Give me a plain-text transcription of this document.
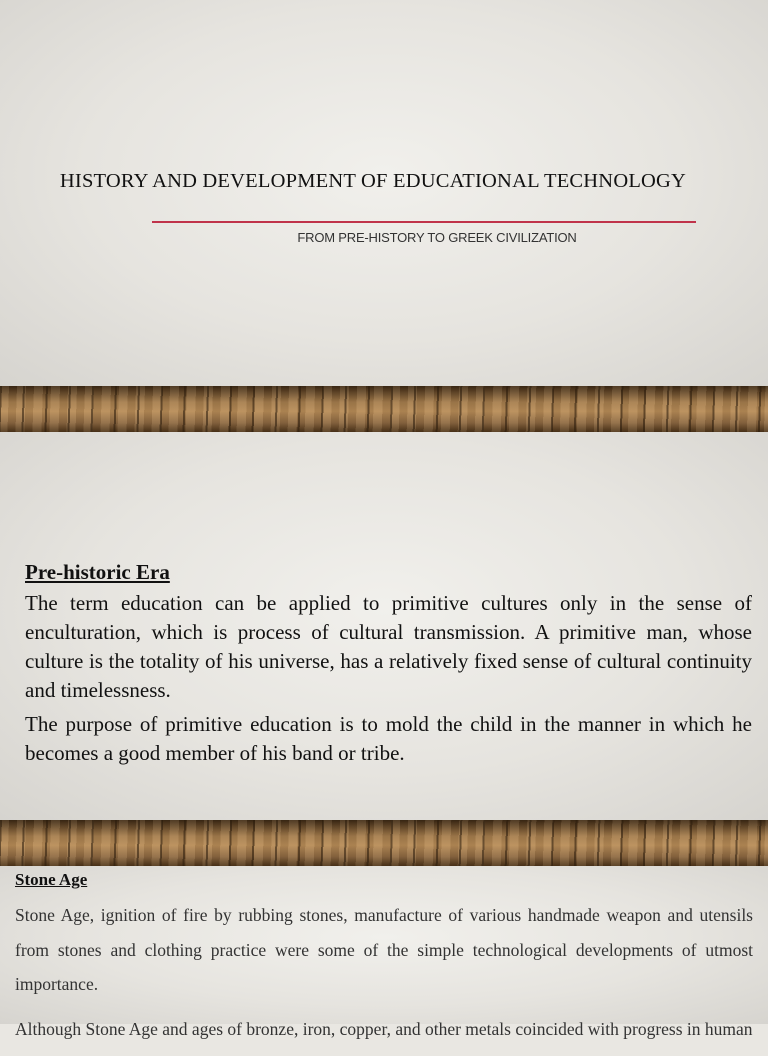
HISTORY AND DEVELOPMENT OF EDUCATIONAL TECHNOLOGY
FROM PRE-HISTORY TO GREEK CIVILIZATION
Pre-historic Era

The term education can be applied to primitive cultures only in the sense of enculturation, which is process of cultural transmission. A primitive man, whose culture is the totality of his universe, has a relatively fixed sense of cultural continuity and timelessness.

The purpose of primitive education is to mold the child in the manner in which he becomes a good member of his band or tribe.

Stone Age

Stone Age, ignition of fire by rubbing stones, manufacture of various handmade weapon and utensils from stones and clothing practice were some of the simple technological developments of utmost importance.

Although Stone Age and ages of bronze, iron, copper, and other metals coincided with progress in human
